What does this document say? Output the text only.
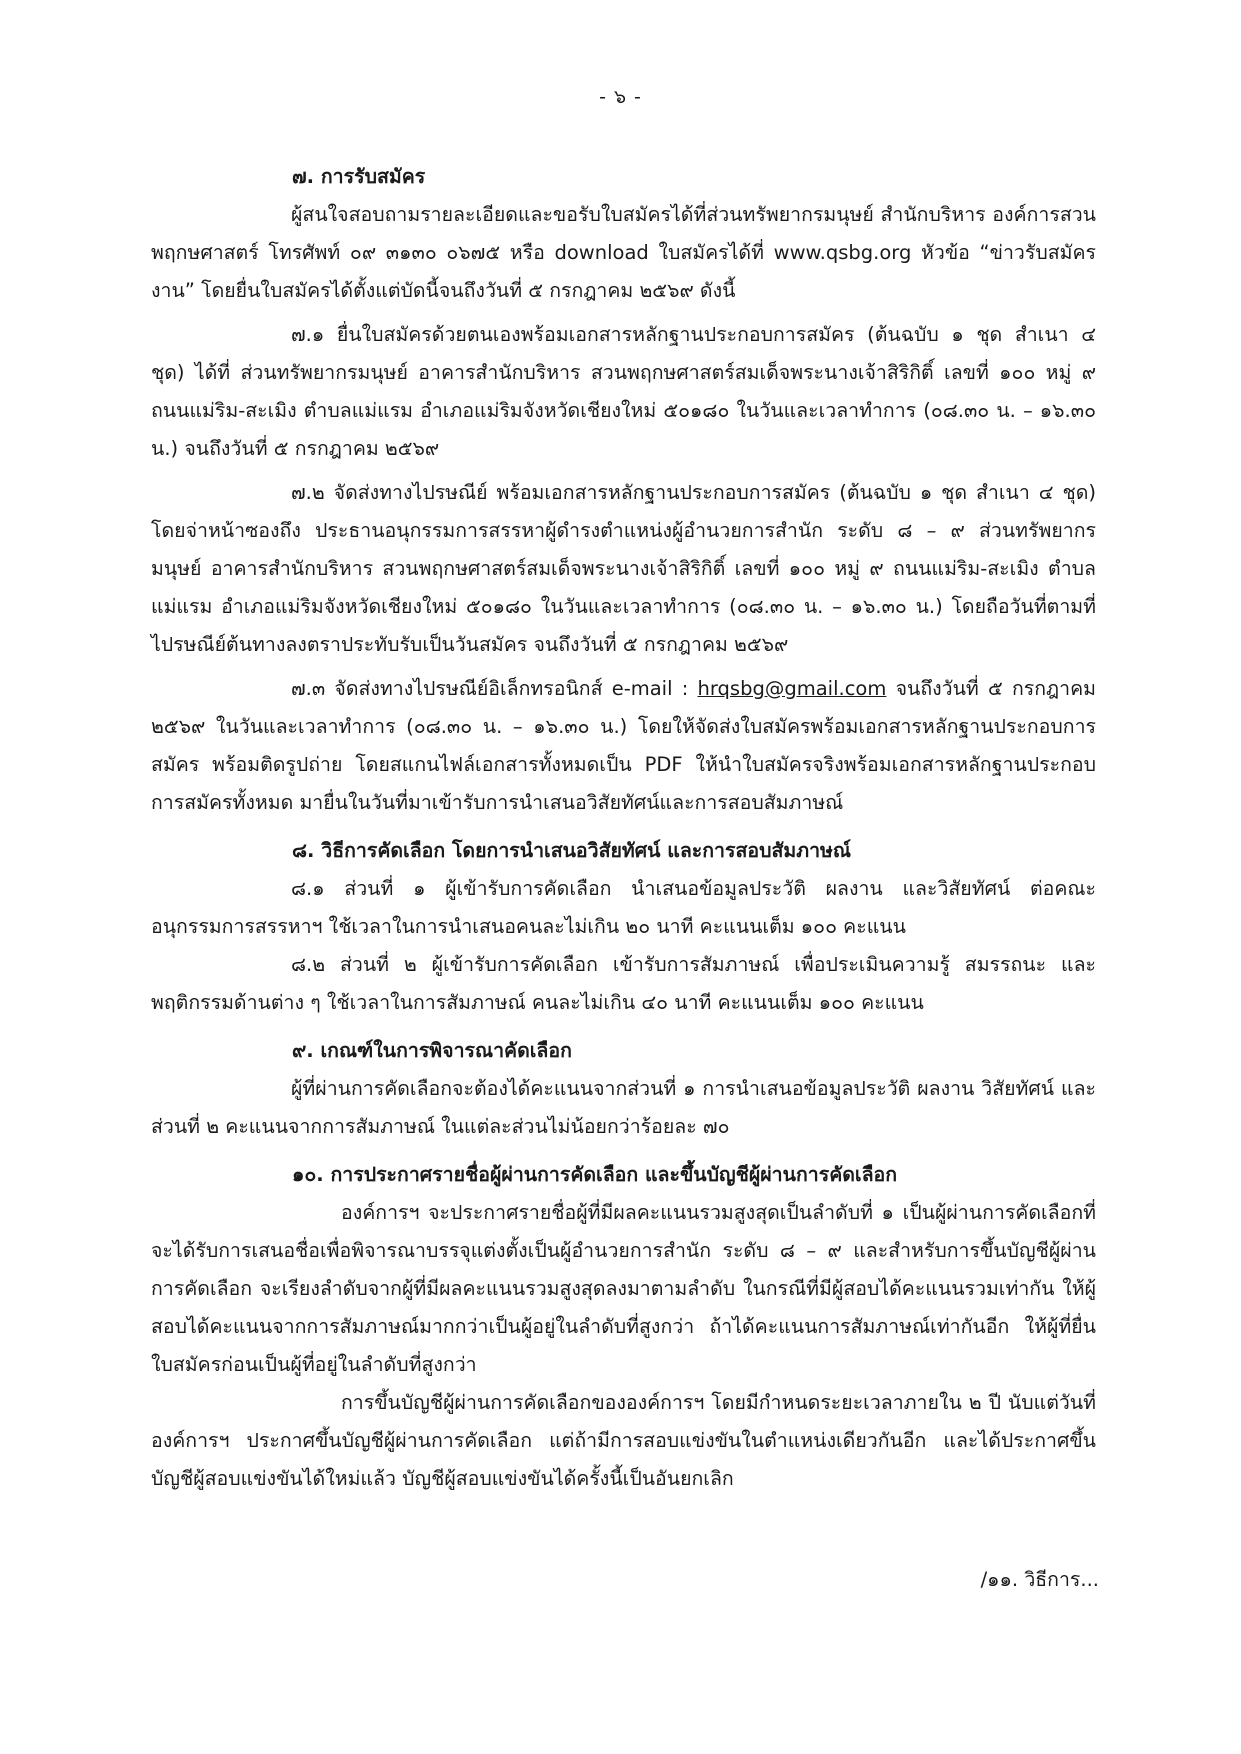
- ๖ -
๗. การรับสมัคร

ผู้สนใจสอบถามรายละเอียดและขอรับใบสมัครได้ที่ส่วนทรัพยากรมนุษย์ สำนักบริหาร องค์การสวนพฤกษศาสตร์ โทรศัพท์ ๐๙ ๓๑๓๐ ๐๖๗๕ หรือ download ใบสมัครได้ที่ www.qsbg.org หัวข้อ “ข่าวรับสมัครงาน” โดยยื่นใบสมัครได้ตั้งแต่บัดนี้จนถึงวันที่ ๕ กรกฎาคม ๒๕๖๙ ดังนี้

๗.๑ ยื่นใบสมัครด้วยตนเองพร้อมเอกสารหลักฐานประกอบการสมัคร (ต้นฉบับ ๑ ชุด สำเนา ๔ ชุด) ได้ที่ ส่วนทรัพยากรมนุษย์ อาคารสำนักบริหาร สวนพฤกษศาสตร์สมเด็จพระนางเจ้าสิริกิติ์ เลขที่ ๑๐๐ หมู่ ๙ ถนนแม่ริม-สะเมิง ตำบลแม่แรม อำเภอแม่ริมจังหวัดเชียงใหม่ ๕๐๑๘๐ ในวันและเวลาทำการ (๐๘.๓๐ น. – ๑๖.๓๐ น.) จนถึงวันที่ ๕ กรกฎาคม ๒๕๖๙

๗.๒ จัดส่งทางไปรษณีย์ พร้อมเอกสารหลักฐานประกอบการสมัคร (ต้นฉบับ ๑ ชุด สำเนา ๔ ชุด) โดยจ่าหน้าซองถึง ประธานอนุกรรมการสรรหาผู้ดำรงตำแหน่งผู้อำนวยการสำนัก ระดับ ๘ – ๙ ส่วนทรัพยากรมนุษย์ อาคารสำนักบริหาร สวนพฤกษศาสตร์สมเด็จพระนางเจ้าสิริกิติ์ เลขที่ ๑๐๐ หมู่ ๙ ถนนแม่ริม-สะเมิง ตำบลแม่แรม อำเภอแม่ริมจังหวัดเชียงใหม่ ๕๐๑๘๐ ในวันและเวลาทำการ (๐๘.๓๐ น. – ๑๖.๓๐ น.) โดยถือวันที่ตามที่ไปรษณีย์ต้นทางลงตราประทับรับเป็นวันสมัคร จนถึงวันที่ ๕ กรกฎาคม ๒๕๖๙

๗.๓ จัดส่งทางไปรษณีย์อิเล็กทรอนิกส์ e-mail : hrqsbg@gmail.com จนถึงวันที่ ๕ กรกฎาคม ๒๕๖๙ ในวันและเวลาทำการ (๐๘.๓๐ น. – ๑๖.๓๐ น.) โดยให้จัดส่งใบสมัครพร้อมเอกสารหลักฐานประกอบการสมัคร พร้อมติดรูปถ่าย โดยสแกนไฟล์เอกสารทั้งหมดเป็น PDF ให้นำใบสมัครจริงพร้อมเอกสารหลักฐานประกอบการสมัครทั้งหมด มายื่นในวันที่มาเข้ารับการนำเสนอวิสัยทัศน์และการสอบสัมภาษณ์

๘. วิธีการคัดเลือก โดยการนำเสนอวิสัยทัศน์ และการสอบสัมภาษณ์

๘.๑ ส่วนที่ ๑ ผู้เข้ารับการคัดเลือก นำเสนอข้อมูลประวัติ ผลงาน และวิสัยทัศน์ ต่อคณะอนุกรรมการสรรหาฯ ใช้เวลาในการนำเสนอคนละไม่เกิน ๒๐ นาที คะแนนเต็ม ๑๐๐ คะแนน

๘.๒ ส่วนที่ ๒ ผู้เข้ารับการคัดเลือก เข้ารับการสัมภาษณ์ เพื่อประเมินความรู้ สมรรถนะ และพฤติกรรมด้านต่าง ๆ ใช้เวลาในการสัมภาษณ์ คนละไม่เกิน ๔๐ นาที คะแนนเต็ม ๑๐๐ คะแนน

๙. เกณฑ์ในการพิจารณาคัดเลือก

ผู้ที่ผ่านการคัดเลือกจะต้องได้คะแนนจากส่วนที่ ๑ การนำเสนอข้อมูลประวัติ ผลงาน วิสัยทัศน์ และส่วนที่ ๒ คะแนนจากการสัมภาษณ์ ในแต่ละส่วนไม่น้อยกว่าร้อยละ ๗๐

๑๐. การประกาศรายชื่อผู้ผ่านการคัดเลือก และขึ้นบัญชีผู้ผ่านการคัดเลือก

องค์การฯ จะประกาศรายชื่อผู้ที่มีผลคะแนนรวมสูงสุดเป็นลำดับที่ ๑ เป็นผู้ผ่านการคัดเลือกที่จะได้รับการเสนอชื่อเพื่อพิจารณาบรรจุแต่งตั้งเป็นผู้อำนวยการสำนัก ระดับ ๘ – ๙ และสำหรับการขึ้นบัญชีผู้ผ่านการคัดเลือก จะเรียงลำดับจากผู้ที่มีผลคะแนนรวมสูงสุดลงมาตามลำดับ ในกรณีที่มีผู้สอบได้คะแนนรวมเท่ากัน ให้ผู้สอบได้คะแนนจากการสัมภาษณ์มากกว่าเป็นผู้อยู่ในลำดับที่สูงกว่า ถ้าได้คะแนนการสัมภาษณ์เท่ากันอีก ให้ผู้ที่ยื่นใบสมัครก่อนเป็นผู้ที่อยู่ในลำดับที่สูงกว่า

การขึ้นบัญชีผู้ผ่านการคัดเลือกขององค์การฯ โดยมีกำหนดระยะเวลาภายใน ๒ ปี นับแต่วันที่องค์การฯ ประกาศขึ้นบัญชีผู้ผ่านการคัดเลือก แต่ถ้ามีการสอบแข่งขันในตำแหน่งเดียวกันอีก และได้ประกาศขึ้นบัญชีผู้สอบแข่งขันได้ใหม่แล้ว บัญชีผู้สอบแข่งขันได้ครั้งนี้เป็นอันยกเลิก

/๑๑. วิธีการ...
